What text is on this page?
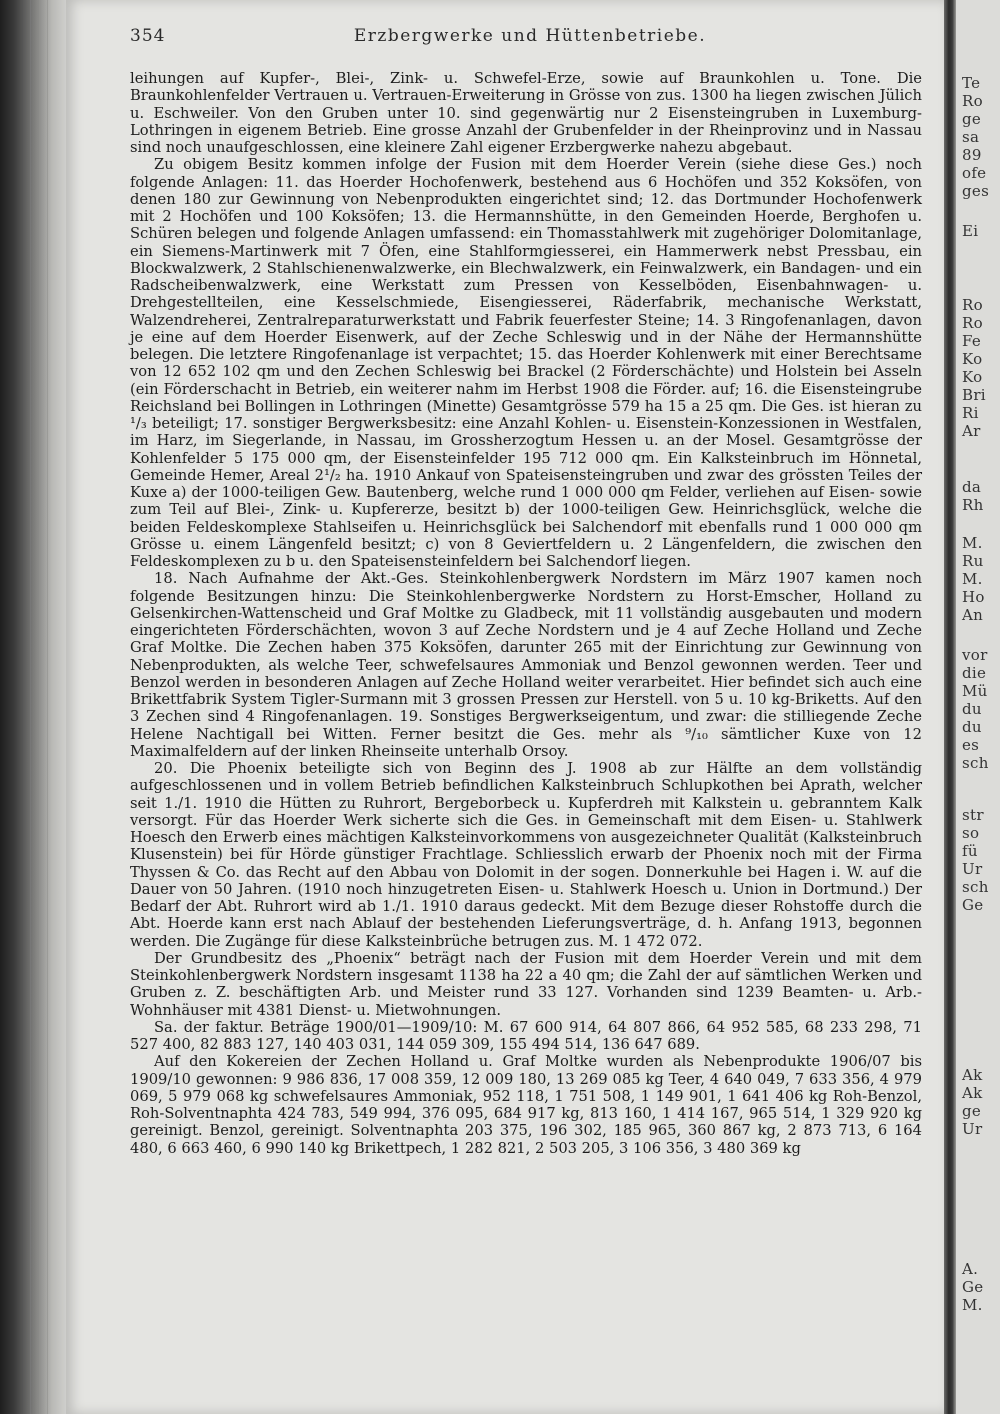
354	Erzbergwerke und Hüttenbetriebe.

leihungen auf Kupfer-, Blei-, Zink- u. Schwefel-Erze, sowie auf Braunkohlen u. Tone. Die Braunkohlenfelder Vertrauen u. Vertrauen-Erweiterung in Grösse von zus. 1300 ha liegen zwischen Jülich u. Eschweiler. Von den Gruben unter 10. sind gegenwärtig nur 2 Eisensteingruben in Luxemburg-Lothringen in eigenem Betrieb. Eine grosse Anzahl der Grubenfelder in der Rheinprovinz und in Nassau sind noch unaufgeschlossen, eine kleinere Zahl eigener Erzbergwerke nahezu abgebaut.

Zu obigem Besitz kommen infolge der Fusion mit dem Hoerder Verein (siehe diese Ges.) noch folgende Anlagen: 11. das Hoerder Hochofenwerk, bestehend aus 6 Hochöfen und 352 Koksöfen, von denen 180 zur Gewinnung von Nebenprodukten eingerichtet sind; 12. das Dortmunder Hochofenwerk mit 2 Hochöfen und 100 Koksöfen; 13. die Hermannshütte, in den Gemeinden Hoerde, Berghofen u. Schüren belegen und folgende Anlagen umfassend: ein Thomasstahlwerk mit zugehöriger Dolomitanlage, ein Siemens-Martinwerk mit 7 Öfen, eine Stahlformgiesserei, ein Hammerwerk nebst Pressbau, ein Blockwalzwerk, 2 Stahlschienenwalzwerke, ein Blechwalzwerk, ein Feinwalzwerk, ein Bandagen- und ein Radscheibenwalzwerk, eine Werkstatt zum Pressen von Kesselböden, Eisenbahnwagen- u. Drehgestellteilen, eine Kesselschmiede, Eisengiesserei, Räderfabrik, mechanische Werkstatt, Walzendreherei, Zentralreparaturwerkstatt und Fabrik feuerfester Steine; 14. 3 Ringofenanlagen, davon je eine auf dem Hoerder Eisenwerk, auf der Zeche Schleswig und in der Nähe der Hermannshütte belegen. Die letztere Ringofenanlage ist verpachtet; 15. das Hoerder Kohlenwerk mit einer Berechtsame von 12 652 102 qm und den Zechen Schleswig bei Brackel (2 Förderschächte) und Holstein bei Asseln (ein Förderschacht in Betrieb, ein weiterer nahm im Herbst 1908 die Förder. auf; 16. die Eisensteingrube Reichsland bei Bollingen in Lothringen (Minette) Gesamtgrösse 579 ha 15 a 25 qm. Die Ges. ist hieran zu ¹/₃ beteiligt; 17. sonstiger Bergwerksbesitz: eine Anzahl Kohlen- u. Eisenstein-Konzessionen in Westfalen, im Harz, im Siegerlande, in Nassau, im Grossherzogtum Hessen u. an der Mosel. Gesamtgrösse der Kohlenfelder 5 175 000 qm, der Eisensteinfelder 195 712 000 qm. Ein Kalksteinbruch im Hönnetal, Gemeinde Hemer, Areal 2¹/₂ ha. 1910 Ankauf von Spateisensteingruben und zwar des grössten Teiles der Kuxe a) der 1000-teiligen Gew. Bautenberg, welche rund 1 000 000 qm Felder, verliehen auf Eisen- sowie zum Teil auf Blei-, Zink- u. Kupfererze, besitzt b) der 1000-teiligen Gew. Heinrichsglück, welche die beiden Feldeskomplexe Stahlseifen u. Heinrichsglück bei Salchendorf mit ebenfalls rund 1 000 000 qm Grösse u. einem Längenfeld besitzt; c) von 8 Geviertfeldern u. 2 Längenfeldern, die zwischen den Feldeskomplexen zu b u. den Spateisensteinfeldern bei Salchendorf liegen.

18. Nach Aufnahme der Akt.-Ges. Steinkohlenbergwerk Nordstern im März 1907 kamen noch folgende Besitzungen hinzu: Die Steinkohlenbergwerke Nordstern zu Horst-Emscher, Holland zu Gelsenkirchen-Wattenscheid und Graf Moltke zu Gladbeck, mit 11 vollständig ausgebauten und modern eingerichteten Förderschächten, wovon 3 auf Zeche Nordstern und je 4 auf Zeche Holland und Zeche Graf Moltke. Die Zechen haben 375 Koksöfen, darunter 265 mit der Einrichtung zur Gewinnung von Nebenprodukten, als welche Teer, schwefelsaures Ammoniak und Benzol gewonnen werden. Teer und Benzol werden in besonderen Anlagen auf Zeche Holland weiter verarbeitet. Hier befindet sich auch eine Brikettfabrik System Tigler-Surmann mit 3 grossen Pressen zur Herstell. von 5 u. 10 kg-Briketts. Auf den 3 Zechen sind 4 Ringofenanlagen. 19. Sonstiges Bergwerkseigentum, und zwar: die stilliegende Zeche Helene Nachtigall bei Witten. Ferner besitzt die Ges. mehr als ⁹/₁₀ sämtlicher Kuxe von 12 Maximalfeldern auf der linken Rheinseite unterhalb Orsoy.

20. Die Phoenix beteiligte sich von Beginn des J. 1908 ab zur Hälfte an dem vollständig aufgeschlossenen und in vollem Betrieb befindlichen Kalksteinbruch Schlupkothen bei Aprath, welcher seit 1./1. 1910 die Hütten zu Ruhrort, Bergeborbeck u. Kupferdreh mit Kalkstein u. gebranntem Kalk versorgt. Für das Hoerder Werk sicherte sich die Ges. in Gemeinschaft mit dem Eisen- u. Stahlwerk Hoesch den Erwerb eines mächtigen Kalksteinvorkommens von ausgezeichneter Qualität (Kalksteinbruch Klusenstein) bei für Hörde günstiger Frachtlage. Schliesslich erwarb der Phoenix noch mit der Firma Thyssen & Co. das Recht auf den Abbau von Dolomit in der sogen. Donnerkuhle bei Hagen i. W. auf die Dauer von 50 Jahren. (1910 noch hinzugetreten Eisen- u. Stahlwerk Hoesch u. Union in Dortmund.) Der Bedarf der Abt. Ruhrort wird ab 1./1. 1910 daraus gedeckt. Mit dem Bezuge dieser Rohstoffe durch die Abt. Hoerde kann erst nach Ablauf der bestehenden Lieferungsverträge, d. h. Anfang 1913, begonnen werden. Die Zugänge für diese Kalksteinbrüche betrugen zus. M. 1 472 072.

Der Grundbesitz des „Phoenix“ beträgt nach der Fusion mit dem Hoerder Verein und mit dem Steinkohlenbergwerk Nordstern insgesamt 1138 ha 22 a 40 qm; die Zahl der auf sämtlichen Werken und Gruben z. Z. beschäftigten Arb. und Meister rund 33 127. Vorhanden sind 1239 Beamten- u. Arb.-Wohnhäuser mit 4381 Dienst- u. Mietwohnungen.

Sa. der faktur. Beträge 1900/01—1909/10: M. 67 600 914, 64 807 866, 64 952 585, 68 233 298, 71 527 400, 82 883 127, 140 403 031, 144 059 309, 155 494 514, 136 647 689.

Auf den Kokereien der Zechen Holland u. Graf Moltke wurden als Nebenprodukte 1906/07 bis 1909/10 gewonnen: 9 986 836, 17 008 359, 12 009 180, 13 269 085 kg Teer, 4 640 049, 7 633 356, 4 979 069, 5 979 068 kg schwefelsaures Ammoniak, 952 118, 1 751 508, 1 149 901, 1 641 406 kg Roh-Benzol, Roh-Solventnaphta 424 783, 549 994, 376 095, 684 917 kg, 813 160, 1 414 167, 965 514, 1 329 920 kg gereinigt. Benzol, gereinigt. Solventnaphta 203 375, 196 302, 185 965, 360 867 kg, 2 873 713, 6 164 480, 6 663 460, 6 990 140 kg Brikettpech, 1 282 821, 2 503 205, 3 106 356, 3 480 369 kg

Te
Ro
ge
sa
89
ofe
ges
Ei
Ro
Ro
Fe
Ko
Ko
Bri
Ri
Ar
da
Rh
M.
Ru
M.
Ho
An
vor
die
Mü
du
du
es
sch
str
so
fü
Ur
sch
Ge
Ak
Ak
ge
Ur
A.
Ge
M.
